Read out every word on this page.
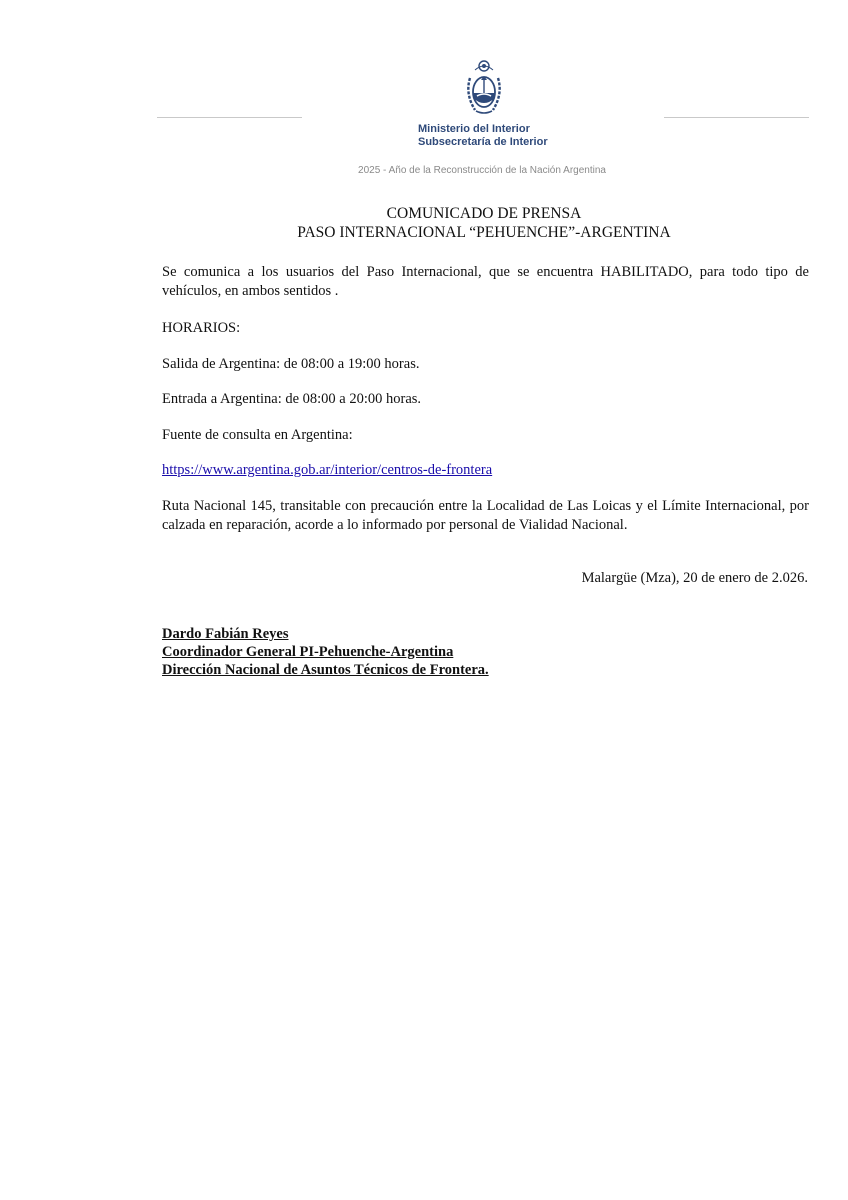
Ministerio del Interior
Subsecretaría de Interior
2025 - Año de la Reconstrucción de la Nación Argentina
COMUNICADO DE PRENSA
PASO INTERNACIONAL “PEHUENCHE”-ARGENTINA

Se comunica a los usuarios del Paso Internacional, que se encuentra HABILITADO, para todo tipo de vehículos, en ambos sentidos .

HORARIOS:

Salida de Argentina: de 08:00 a 19:00 horas.

Entrada a Argentina: de 08:00 a 20:00 horas.

Fuente de consulta en Argentina:

https://www.argentina.gob.ar/interior/centros-de-frontera

Ruta Nacional 145, transitable con precaución entre la Localidad de Las Loicas y el Límite Internacional, por calzada en reparación, acorde a lo informado por personal de Vialidad Nacional.

Malargüe (Mza), 20 de enero de 2.026.
Dardo Fabián Reyes
Coordinador General PI-Pehuenche-Argentina
Dirección Nacional de Asuntos Técnicos de Frontera.
